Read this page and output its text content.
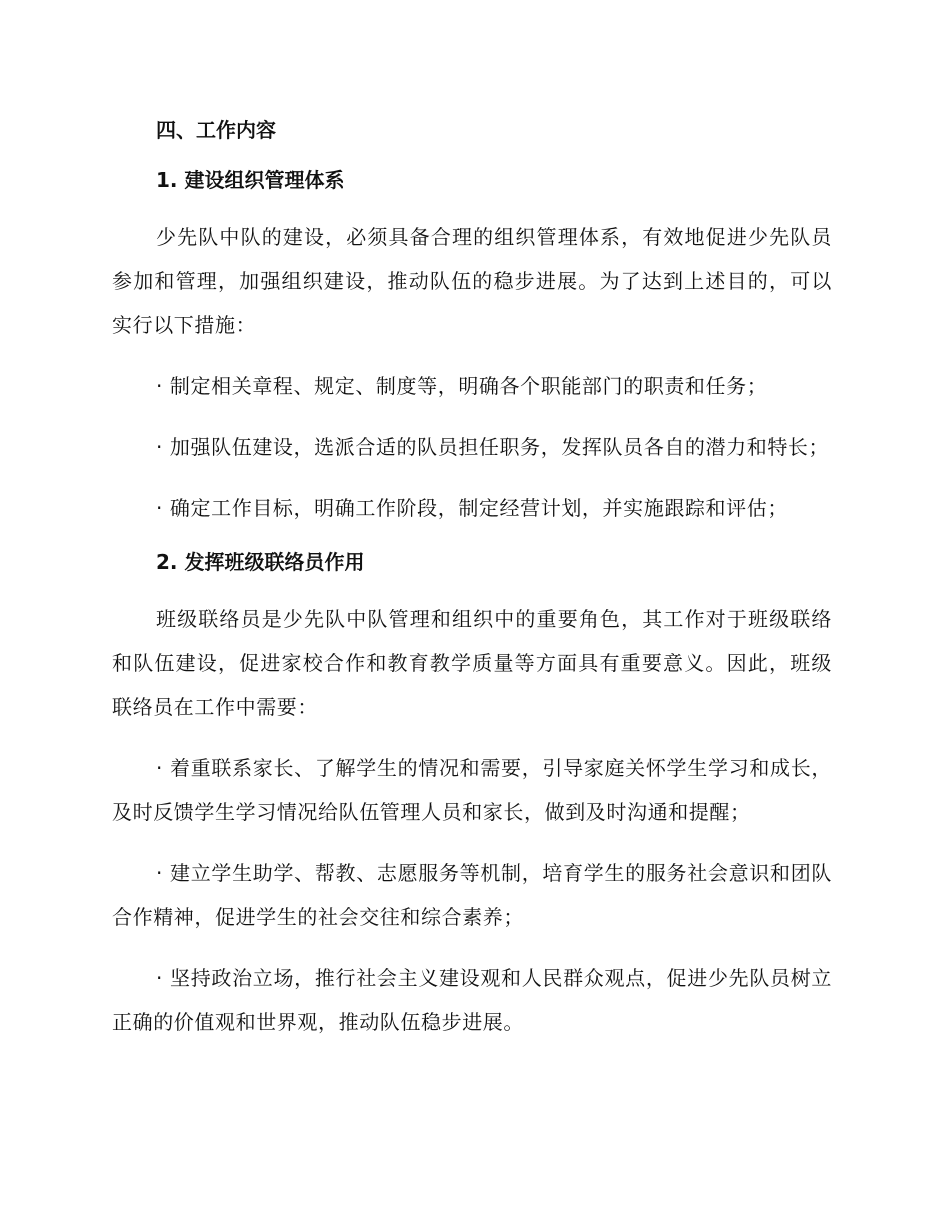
四、工作内容
1. 建设组织管理体系

少先队中队的建设，必须具备合理的组织管理体系，有效地促进少先队员参加和管理，加强组织建设，推动队伍的稳步进展。为了达到上述目的，可以实行以下措施：

· 制定相关章程、规定、制度等，明确各个职能部门的职责和任务；

· 加强队伍建设，选派合适的队员担任职务，发挥队员各自的潜力和特长；

· 确定工作目标，明确工作阶段，制定经营计划，并实施跟踪和评估；

2. 发挥班级联络员作用

班级联络员是少先队中队管理和组织中的重要角色，其工作对于班级联络和队伍建设，促进家校合作和教育教学质量等方面具有重要意义。因此，班级联络员在工作中需要：

· 着重联系家长、了解学生的情况和需要，引导家庭关怀学生学习和成长，及时反馈学生学习情况给队伍管理人员和家长，做到及时沟通和提醒；

· 建立学生助学、帮教、志愿服务等机制，培育学生的服务社会意识和团队合作精神，促进学生的社会交往和综合素养；

· 坚持政治立场，推行社会主义建设观和人民群众观点，促进少先队员树立正确的价值观和世界观，推动队伍稳步进展。
